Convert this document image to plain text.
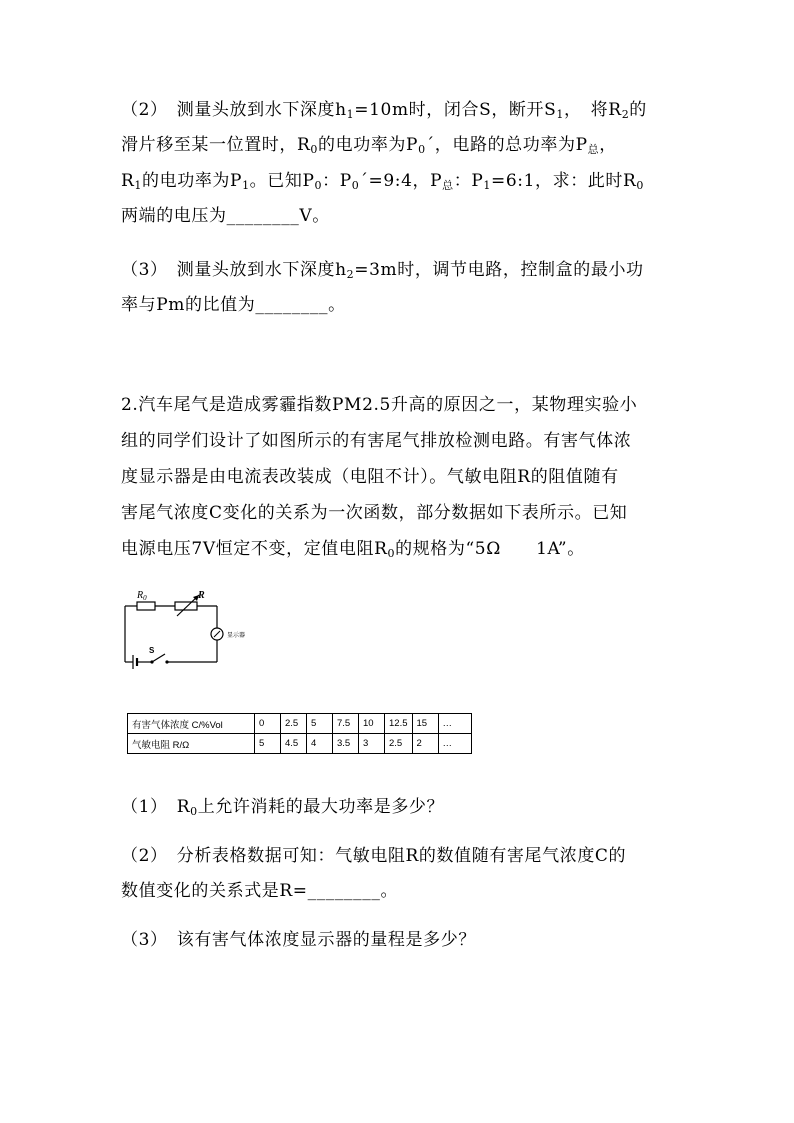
（2）　测量头放到水下深度$h_1=10m$时，闭合S，断开$S_1$，　将$R_2$的
滑片移至某一位置时，$R_0$的电功率为$P_0´$，电路的总功率为$P_总$，
$R_1$的电功率为$P_1$。已知$P_0$：$P_0´=9:4$，$P_总$：$P_1=6:1$，求：此时$R_0$
两端的电压为________V。
（3）　测量头放到水下深度$h_2=3m$时，调节电路，控制盒的最小功
率与Pm的比值为________。
2.汽车尾气是造成雾霾指数PM2.5升高的原因之一，某物理实验小
组的同学们设计了如图所示的有害尾气排放检测电路。有害气体浓
度显示器是由电流表改装成（电阻不计）。气敏电阻R的阻值随有
害尾气浓度C变化的关系为一次函数，部分数据如下表所示。已知
电源电压7V恒定不变，定值电阻$R_0$的规格为“5Ω　　1A”。
$R_0$	R
S
显示器
有害气体浓度 C/%Vol	0	2.5	5	7.5	10	12.5	15	…
气敏电阻 R/Ω	5	4.5	4	3.5	3	2.5	2	…
（1）　$R_0$上允许消耗的最大功率是多少？
（2）　分析表格数据可知：气敏电阻R的数值随有害尾气浓度C的
数值变化的关系式是R=________。
（3）　该有害气体浓度显示器的量程是多少？
